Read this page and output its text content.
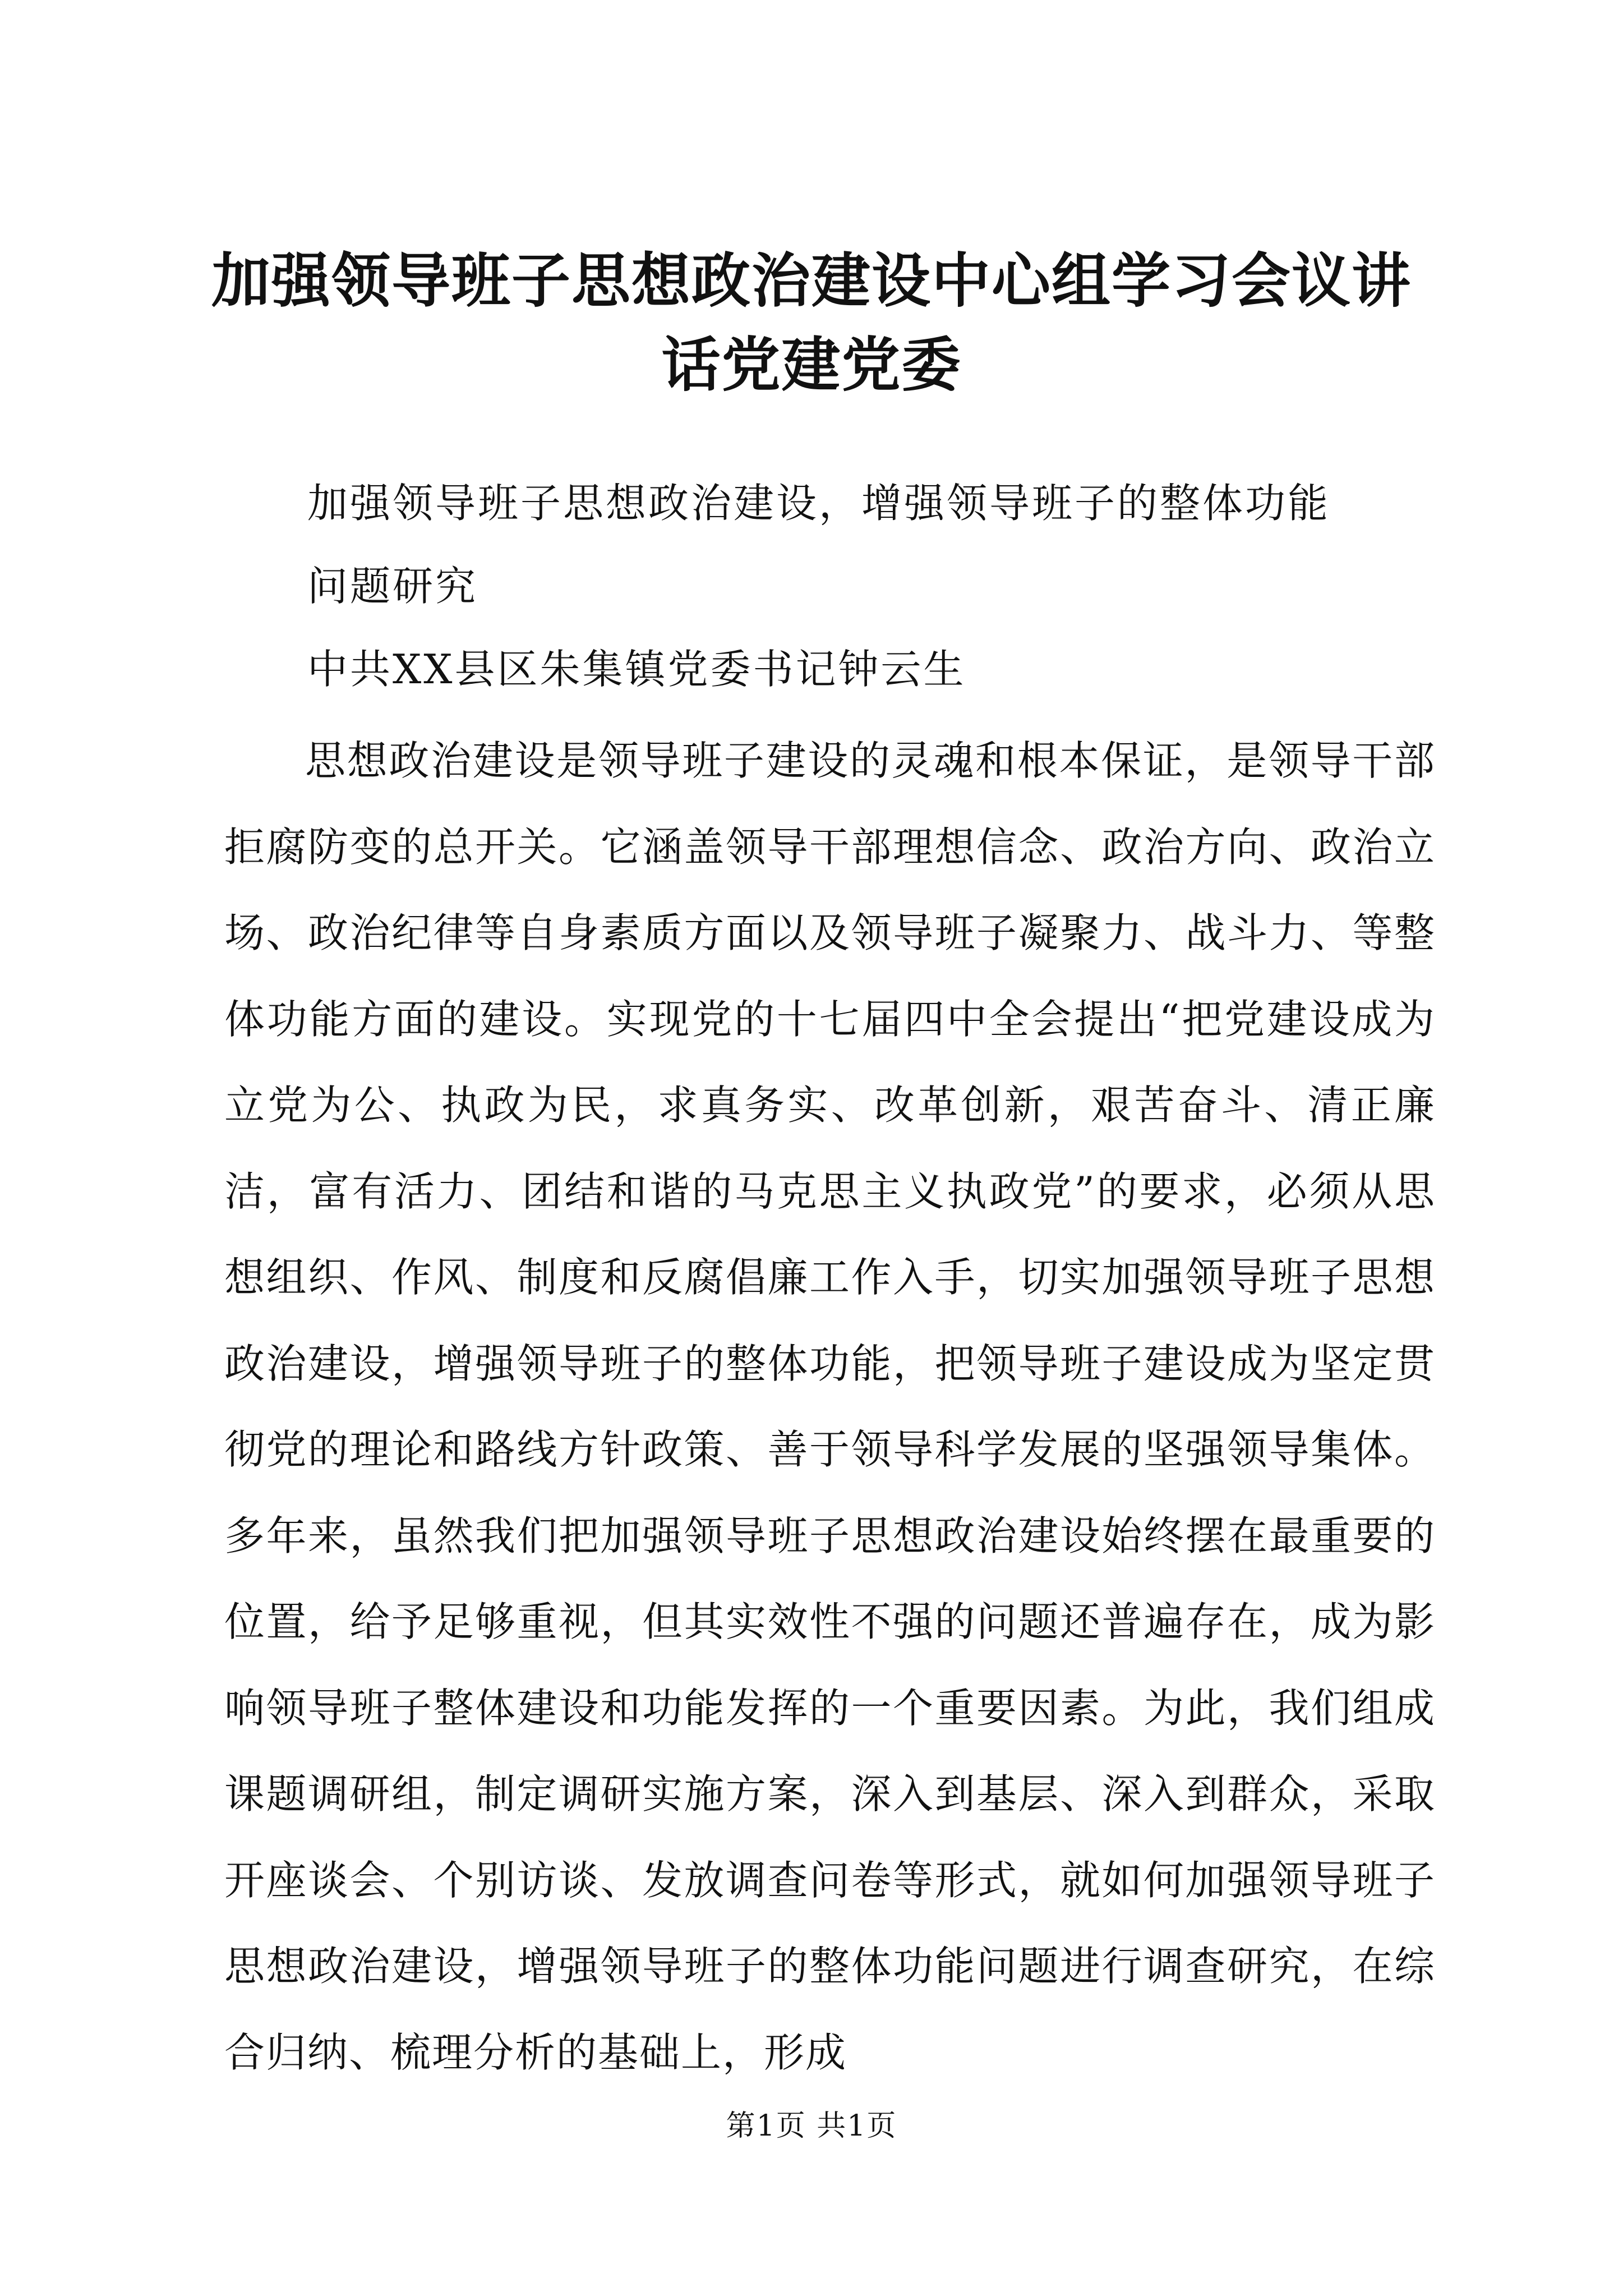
加强领导班子思想政治建设中心组学习会议讲话党建党委
加强领导班子思想政治建设，增强领导班子的整体功能
问题研究
中共XX县区朱集镇党委书记钟云生

思想政治建设是领导班子建设的灵魂和根本保证，是领导干部拒腐防变的总开关。它涵盖领导干部理想信念、政治方向、政治立场、政治纪律等自身素质方面以及领导班子凝聚力、战斗力、等整体功能方面的建设。实现党的十七届四中全会提出“把党建设成为立党为公、执政为民，求真务实、改革创新，艰苦奋斗、清正廉洁，富有活力、团结和谐的马克思主义执政党”的要求，必须从思想组织、作风、制度和反腐倡廉工作入手，切实加强领导班子思想政治建设，增强领导班子的整体功能，把领导班子建设成为坚定贯彻党的理论和路线方针政策、善于领导科学发展的坚强领导集体。多年来，虽然我们把加强领导班子思想政治建设始终摆在最重要的位置，给予足够重视，但其实效性不强的问题还普遍存在，成为影响领导班子整体建设和功能发挥的一个重要因素。为此，我们组成课题调研组，制定调研实施方案，深入到基层、深入到群众，采取开座谈会、个别访谈、发放调查问卷等形式，就如何加强领导班子思想政治建设，增强领导班子的整体功能问题进行调查研究，在综合归纳、梳理分析的基础上，形成

第1页 共1页
